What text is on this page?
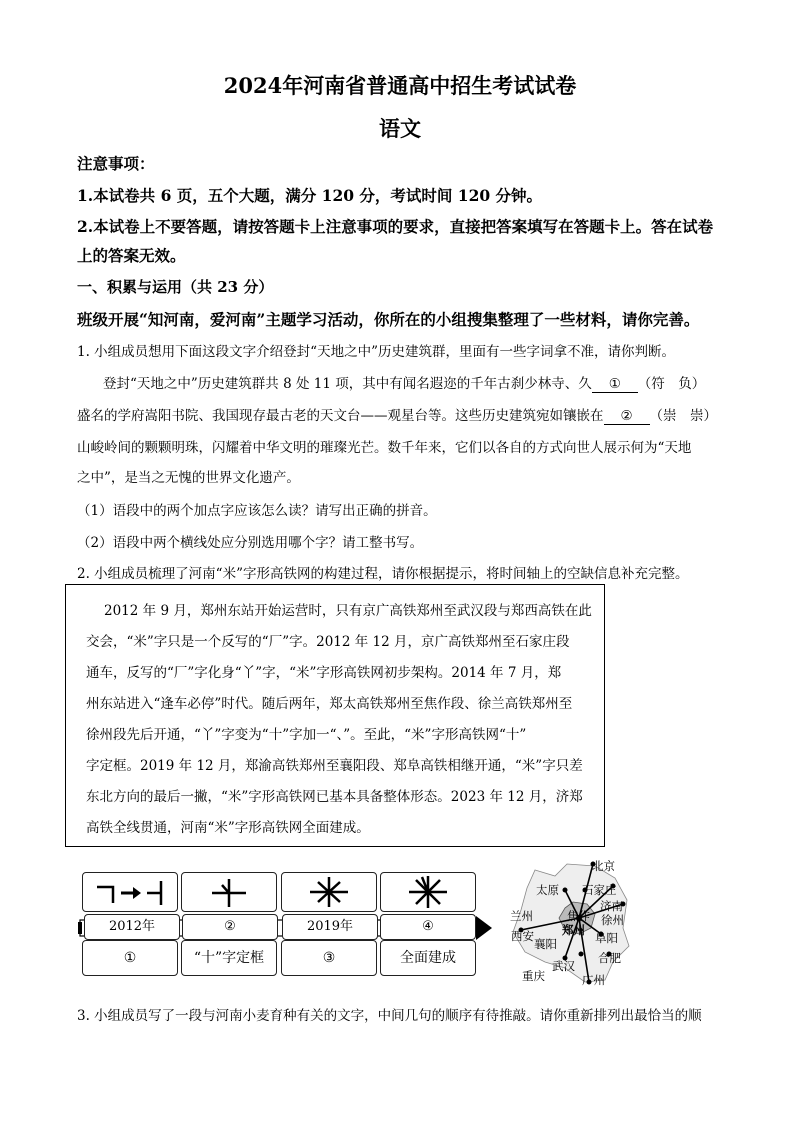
2024年河南省普通高中招生考试试卷
语文
注意事项：
1.本试卷共 6 页，五个大题，满分 120 分，考试时间 120 分钟。
2.本试卷上不要答题，请按答题卡上注意事项的要求，直接把答案填写在答题卡上。答在试卷
上的答案无效。
一、积累与运用（共 23 分）
班级开展“知河南，爱河南”主题学习活动，你所在的小组搜集整理了一些材料，请你完善。
1. 小组成员想用下面这段文字介绍登封“天地之中”历史建筑群，里面有一些字词拿不准，请你判断。
登封“天地之中”历史建筑群共 8 处 11 项，其中有闻名遐迩的千年古刹少林寺、久 ① （符　负）
盛名的学府嵩阳书院、我国现存最古老的天文台——观星台等。这些历史建筑宛如镶嵌在 ② （崇　崇）
山峻岭间的颗颗明珠，闪耀着中华文明的璀璨光芒。数千年来，它们以各自的方式向世人展示何为“天地
之中”，是当之无愧的世界文化遗产。
（1）语段中的两个加点字应该怎么读？请写出正确的拼音。
（2）语段中两个横线处应分别选用哪个字？请工整书写。
2. 小组成员梳理了河南“米”字形高铁网的构建过程，请你根据提示，将时间轴上的空缺信息补充完整。
2012 年 9 月，郑州东站开始运营时，只有京广高铁郑州至武汉段与郑西高铁在此
交会，“米”字只是一个反写的“厂”字。2012 年 12 月，京广高铁郑州至石家庄段
通车，反写的“厂”字化身“丫”字，“米”字形高铁网初步架构。2014 年 7 月，郑
州东站进入“逢车必停”时代。随后两年，郑太高铁郑州至焦作段、徐兰高铁郑州至
徐州段先后开通，“丫”字变为“十”字加一“、”。至此，“米”字形高铁网“十”
字定框。2019 年 12 月，郑渝高铁郑州至襄阳段、郑阜高铁相继开通，“米”字只差
东北方向的最后一撇，“米”字形高铁网已基本具备整体形态。2023 年 12 月，济郑
高铁全线贯通，河南“米”字形高铁网全面建成。
2012年	②	2019年	④
①	“十”字定框	③	全面建成
北京
太原 石家庄
济南
兰州	焦作 徐州
西安 郑州
阜阳
襄阳
武汉
合肥
重庆	广州
3. 小组成员写了一段与河南小麦育种有关的文字，中间几句的顺序有待推敲。请你重新排列出最恰当的顺
